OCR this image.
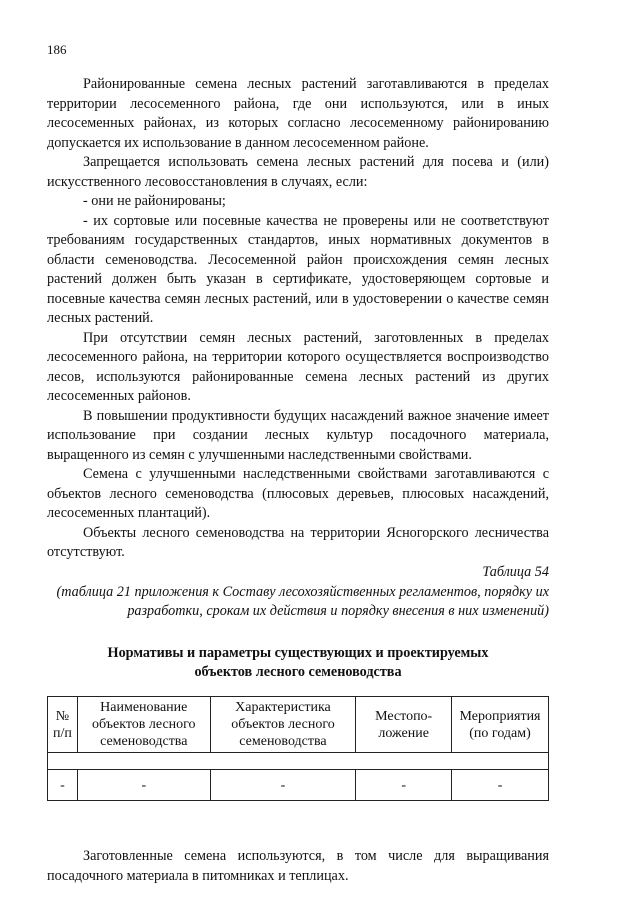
186

Районированные семена лесных растений заготавливаются в пределах территории лесосеменного района, где они используются, или в иных лесосеменных районах, из которых согласно лесосеменному районированию допускается их использование в данном лесосеменном районе.

Запрещается использовать семена лесных растений для посева и (или) искусственного лесовосстановления в случаях, если:

- они не районированы;

- их сортовые или посевные качества не проверены или не соответствуют требованиям государственных стандартов, иных нормативных документов в области семеноводства. Лесосеменной район происхождения семян лесных растений должен быть указан в сертификате, удостоверяющем сортовые и посевные качества семян лесных растений, или в удостоверении о качестве семян лесных растений.

При отсутствии семян лесных растений, заготовленных в пределах лесосеменного района, на территории которого осуществляется воспроизводство лесов, используются районированные семена лесных растений из других лесосеменных районов.

В повышении продуктивности будущих насаждений важное значение имеет использование при создании лесных культур посадочного материала, выращенного из семян с улучшенными наследственными свойствами.

Семена с улучшенными наследственными свойствами заготавливаются с объектов лесного семеноводства (плюсовых деревьев, плюсовых насаждений, лесосеменных плантаций).

Объекты лесного семеноводства на территории Ясногорского лесничества отсутствуют.

Таблица 54
(таблица 21 приложения к Составу лесохозяйственных регламентов, порядку их разработки, срокам их действия и порядку внесения в них изменений)
Нормативы и параметры существующих и проектируемых объектов лесного семеноводства
№ п/п	Наименование объектов лесного семеноводства	Характеристика объектов лесного семеноводства	Местопо-ложение	Мероприятия (по годам)

-	-	-	-	-

Заготовленные семена используются, в том числе для выращивания посадочного материала в питомниках и теплицах.
